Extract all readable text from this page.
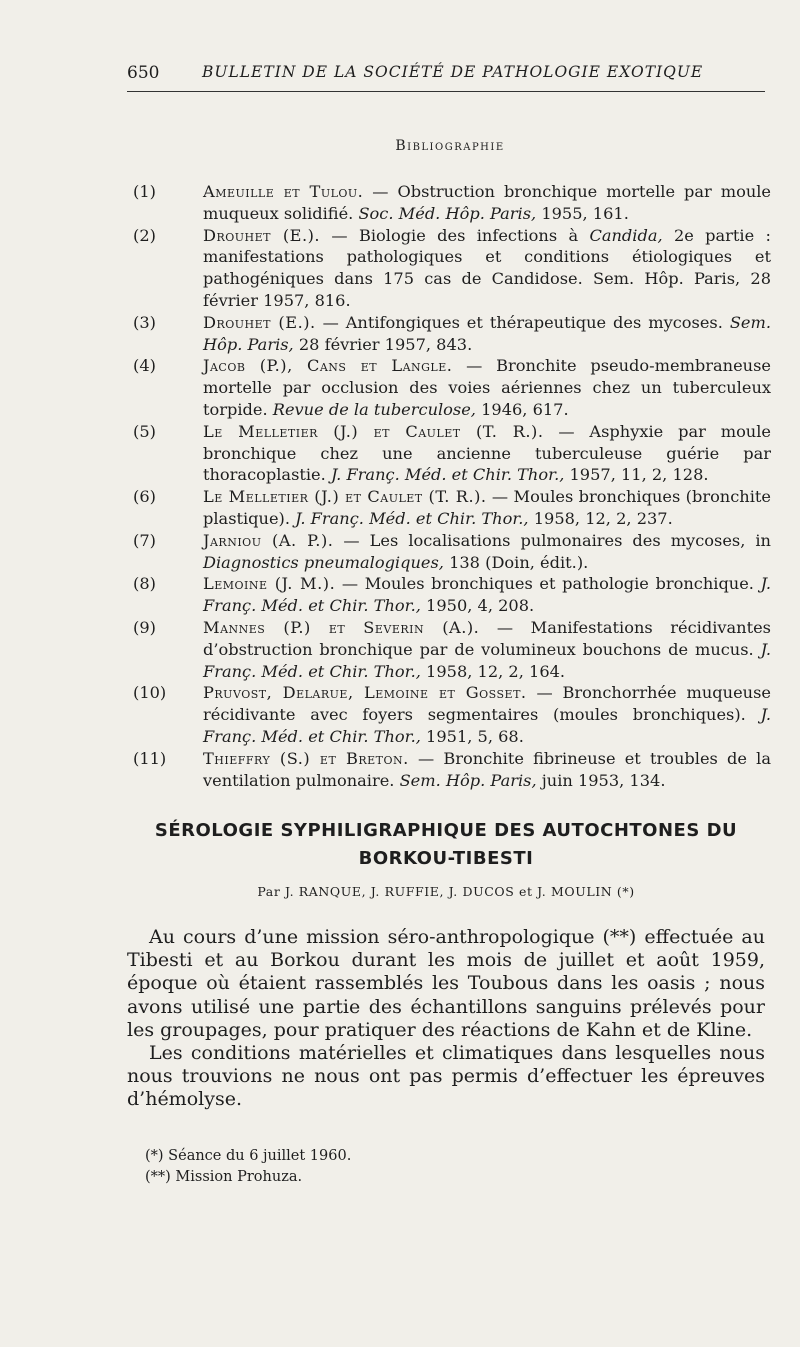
650	BULLETIN DE LA SOCIÉTÉ DE PATHOLOGIE EXOTIQUE
Bibliographie
(1)	Ameuille et Tulou. — Obstruction bronchique mortelle par moule muqueux solidifié. Soc. Méd. Hôp. Paris, 1955, 161.
(2)	Drouhet (E.). — Biologie des infections à Candida, 2e partie : manifestations pathologiques et conditions étiologiques et pathogéniques dans 175 cas de Candidose. Sem. Hôp. Paris, 28 février 1957, 816.
(3)	Drouhet (E.). — Antifongiques et thérapeutique des mycoses. Sem. Hôp. Paris, 28 février 1957, 843.
(4)	Jacob (P.), Cans et Langle. — Bronchite pseudo-membraneuse mortelle par occlusion des voies aériennes chez un tuberculeux torpide. Revue de la tuberculose, 1946, 617.
(5)	Le Melletier (J.) et Caulet (T. R.). — Asphyxie par moule bronchique chez une ancienne tuberculeuse guérie par thoracoplastie. J. Franç. Méd. et Chir. Thor., 1957, 11, 2, 128.
(6)	Le Melletier (J.) et Caulet (T. R.). — Moules bronchiques (bronchite plastique). J. Franç. Méd. et Chir. Thor., 1958, 12, 2, 237.
(7)	Jarniou (A. P.). — Les localisations pulmonaires des mycoses, in Diagnostics pneumalogiques, 138 (Doin, édit.).
(8)	Lemoine (J. M.). — Moules bronchiques et pathologie bronchique. J. Franç. Méd. et Chir. Thor., 1950, 4, 208.
(9)	Mannes (P.) et Severin (A.). — Manifestations récidivantes d’obstruction bronchique par de volumineux bouchons de mucus. J. Franç. Méd. et Chir. Thor., 1958, 12, 2, 164.
(10)	Pruvost, Delarue, Lemoine et Gosset. — Bronchorrhée muqueuse récidivante avec foyers segmentaires (moules bronchiques). J. Franç. Méd. et Chir. Thor., 1951, 5, 68.
(11)	Thieffry (S.) et Breton. — Bronchite fibrineuse et troubles de la ventilation pulmonaire. Sem. Hôp. Paris, juin 1953, 134.
SÉROLOGIE SYPHILIGRAPHIQUE DES AUTOCHTONES DU BORKOU-TIBESTI
Par J. RANQUE, J. RUFFIE, J. DUCOS et J. MOULIN (*)

Au cours d’une mission séro-anthropologique (**) effectuée au Tibesti et au Borkou durant les mois de juillet et août 1959, époque où étaient rassemblés les Toubous dans les oasis ; nous avons utilisé une partie des échantillons sanguins prélevés pour les groupages, pour pratiquer des réactions de Kahn et de Kline.

Les conditions matérielles et climatiques dans lesquelles nous nous trouvions ne nous ont pas permis d’effectuer les épreuves d’hémolyse.

(*) Séance du 6 juillet 1960.
(**) Mission Prohuza.
